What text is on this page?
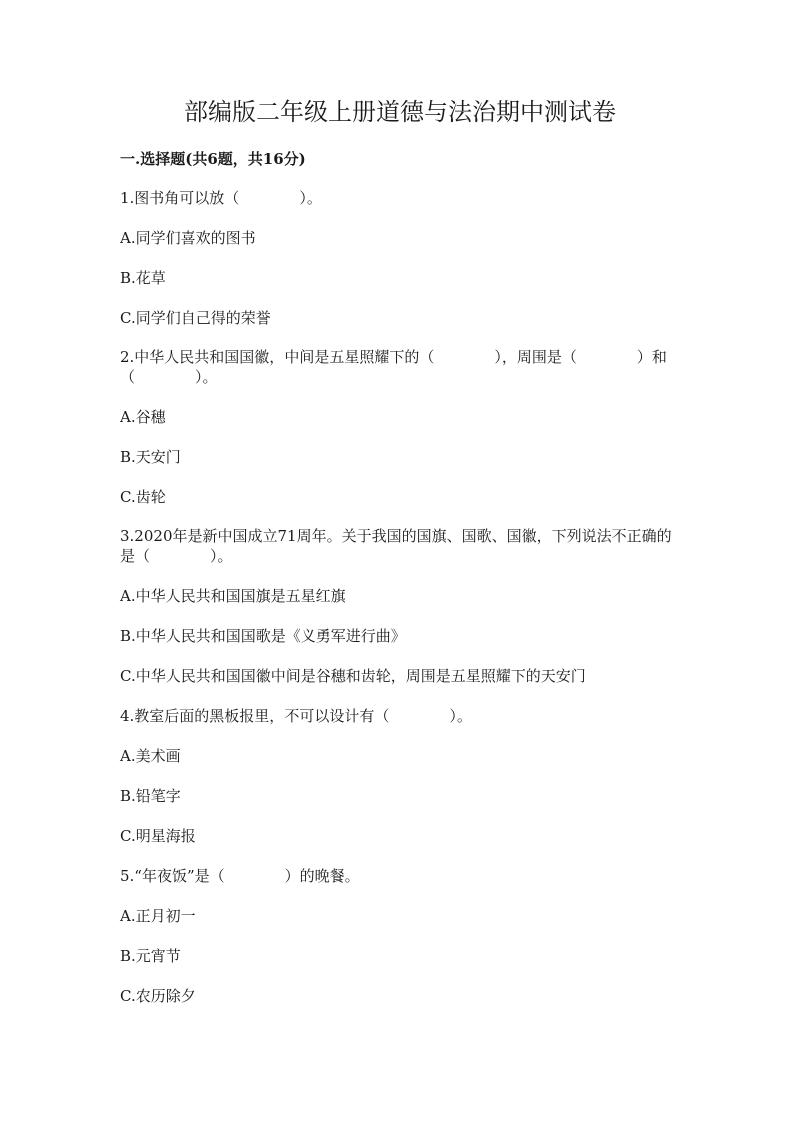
部编版二年级上册道德与法治期中测试卷

一.选择题(共6题，共16分)

1.图书角可以放（	）。

A.同学们喜欢的图书

B.花草

C.同学们自己得的荣誉

2.中华人民共和国国徽，中间是五星照耀下的（	），周围是（	）和（	）。

A.谷穗

B.天安门

C.齿轮

3.2020年是新中国成立71周年。关于我国的国旗、国歌、国徽，下列说法不正确的是（	）。

A.中华人民共和国国旗是五星红旗

B.中华人民共和国国歌是《义勇军进行曲》

C.中华人民共和国国徽中间是谷穗和齿轮，周围是五星照耀下的天安门

4.教室后面的黑板报里，不可以设计有（	）。

A.美术画

B.铅笔字

C.明星海报

5.“年夜饭”是（	）的晚餐。

A.正月初一

B.元宵节

C.农历除夕
